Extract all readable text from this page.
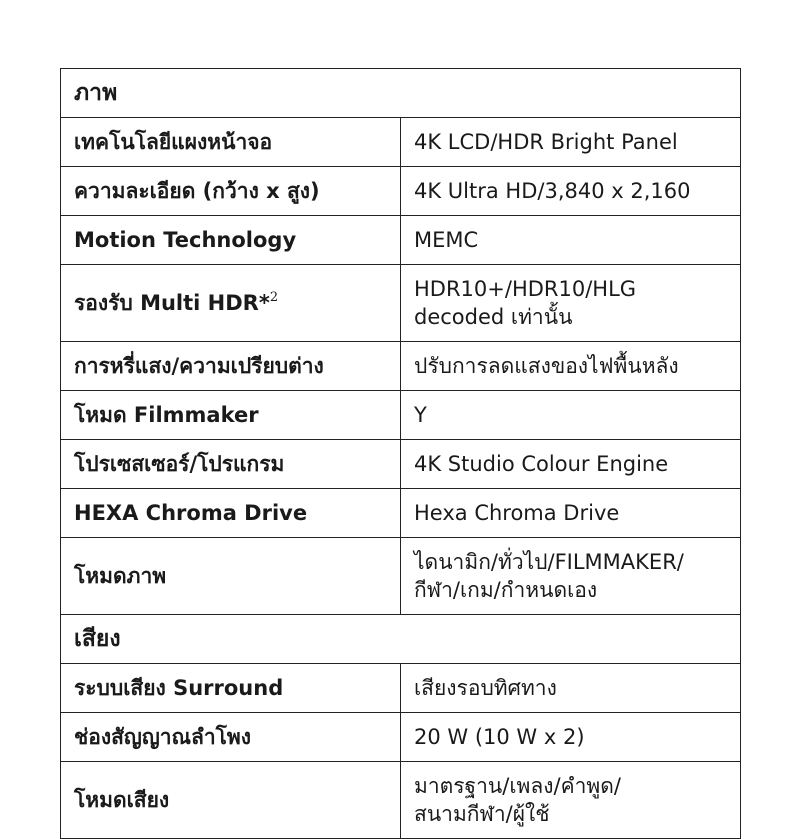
ภาพ	
เทคโนโลยีแผงหน้าจอ	4K LCD/HDR Bright Panel
ความละเอียด (กว้าง x สูง)	4K Ultra HD/3,840 x 2,160
Motion Technology	MEMC
รองรับ Multi HDR*$^2$	HDR10+/HDR10/HLG
decoded เท่านั้น
การหรี่แสง/ความเปรียบต่าง	ปรับการลดแสงของไฟพื้นหลัง
โหมด Filmmaker	Y
โปรเซสเซอร์/โปรแกรม	4K Studio Colour Engine
HEXA Chroma Drive	Hexa Chroma Drive
โหมดภาพ	ไดนามิก/ทั่วไป/FILMMAKER/
กีฬา/เกม/กำหนดเอง
เสียง	
ระบบเสียง Surround	เสียงรอบทิศทาง
ช่องสัญญาณลำโพง	20 W (10 W x 2)
โหมดเสียง	มาตรฐาน/เพลง/คำพูด/
สนามกีฬา/ผู้ใช้
